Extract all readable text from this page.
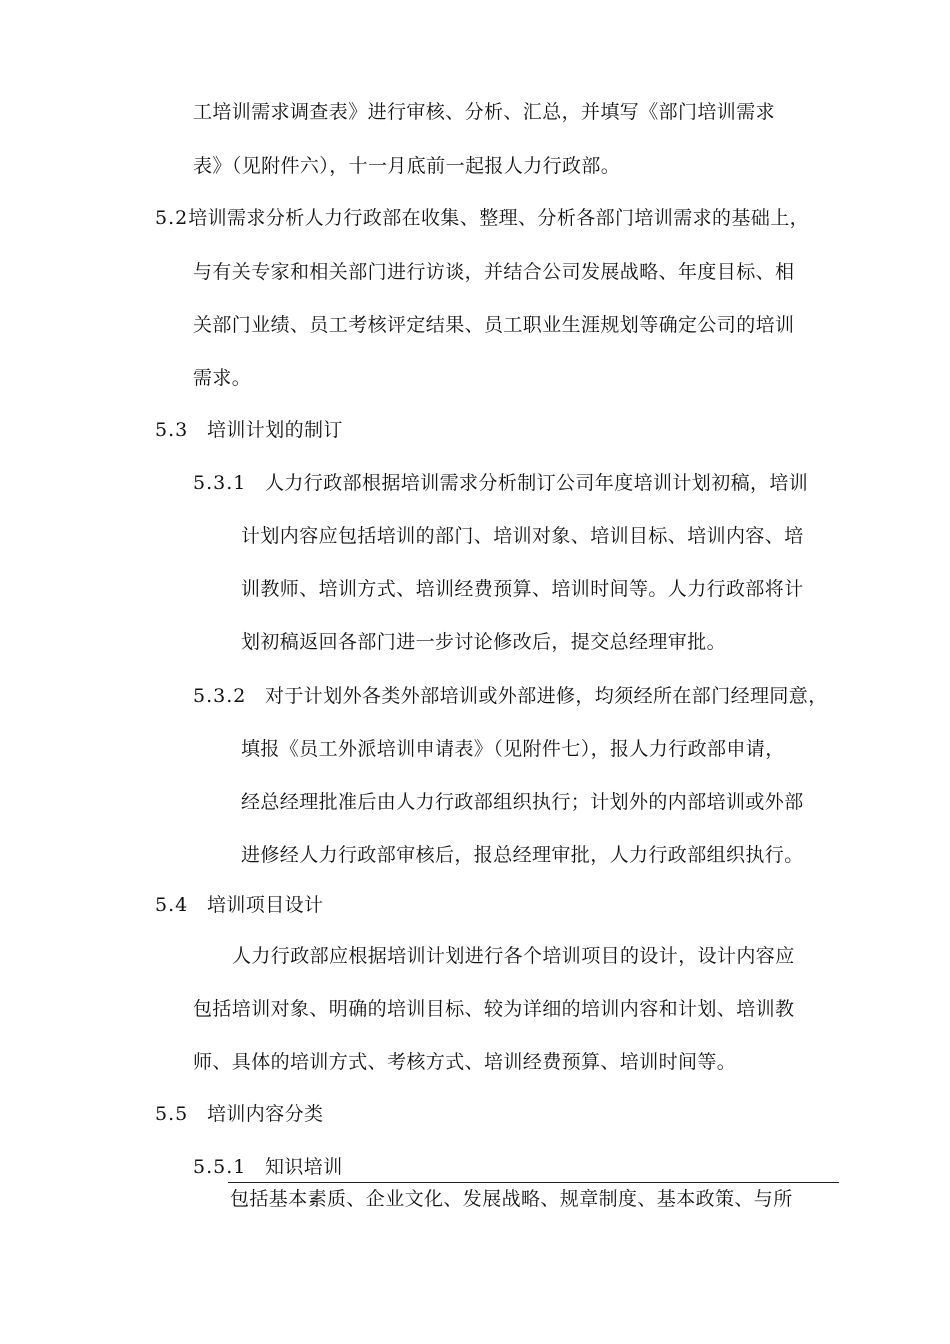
工培训需求调查表》进行审核、分析、汇总，并填写《部门培训需求
表》（见附件六），十一月底前一起报人力行政部。
5.2培训需求分析人力行政部在收集、整理、分析各部门培训需求的基础上，
与有关专家和相关部门进行访谈，并结合公司发展战略、年度目标、相
关部门业绩、员工考核评定结果、员工职业生涯规划等确定公司的培训
需求。
5.3 培训计划的制订
5.3.1 人力行政部根据培训需求分析制订公司年度培训计划初稿，培训
计划内容应包括培训的部门、培训对象、培训目标、培训内容、培
训教师、培训方式、培训经费预算、培训时间等。人力行政部将计
划初稿返回各部门进一步讨论修改后，提交总经理审批。
5.3.2 对于计划外各类外部培训或外部进修，均须经所在部门经理同意，
填报《员工外派培训申请表》（见附件七），报人力行政部申请，
经总经理批准后由人力行政部组织执行；计划外的内部培训或外部
进修经人力行政部审核后，报总经理审批，人力行政部组织执行。
5.4 培训项目设计
人力行政部应根据培训计划进行各个培训项目的设计，设计内容应
包括培训对象、明确的培训目标、较为详细的培训内容和计划、培训教
师、具体的培训方式、考核方式、培训经费预算、培训时间等。
5.5 培训内容分类
5.5.1 知识培训
包括基本素质、企业文化、发展战略、规章制度、基本政策、与所
